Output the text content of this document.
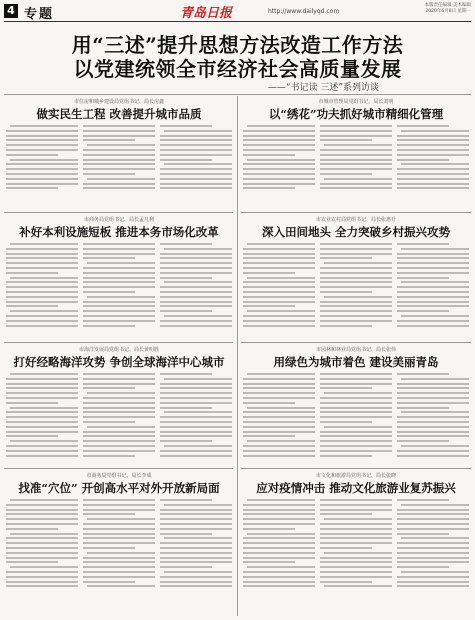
4 专题	青岛日报	http://www.dailyqd.com
本版责任编辑 美术编辑
2020年6月8日 星期一
用“三述”提升思想方法改造工作方法
以党建统领全市经济社会高质量发展
——“书记读 三述”系列访谈
市住房和城乡建设局党组书记、局长房鑫
做实民生工程 改善提升城市品质
市城市管理局党组书记、局长刘明
以“绣花”功夫抓好城市精细化管理
市商务局党组书记、局长孟凡利
补好本利设施短板 推进本务市场化改革
市农业农村局党组书记、局长张惠升
深入田间地头 全力突破乡村振兴攻势
市海洋发展局党组书记、局长黄明胜
打好经略海洋攻势 争创全球海洋中心城市
市园林和林业局党组书记、局长张伟
用绿色为城市着色 建设美丽青岛
市商务局党组书记、局长李成
找准“穴位” 开创高水平对外开放新局面
市文化和旅游局党组书记、局长张晓
应对疫情冲击 推动文化旅游业复苏振兴
